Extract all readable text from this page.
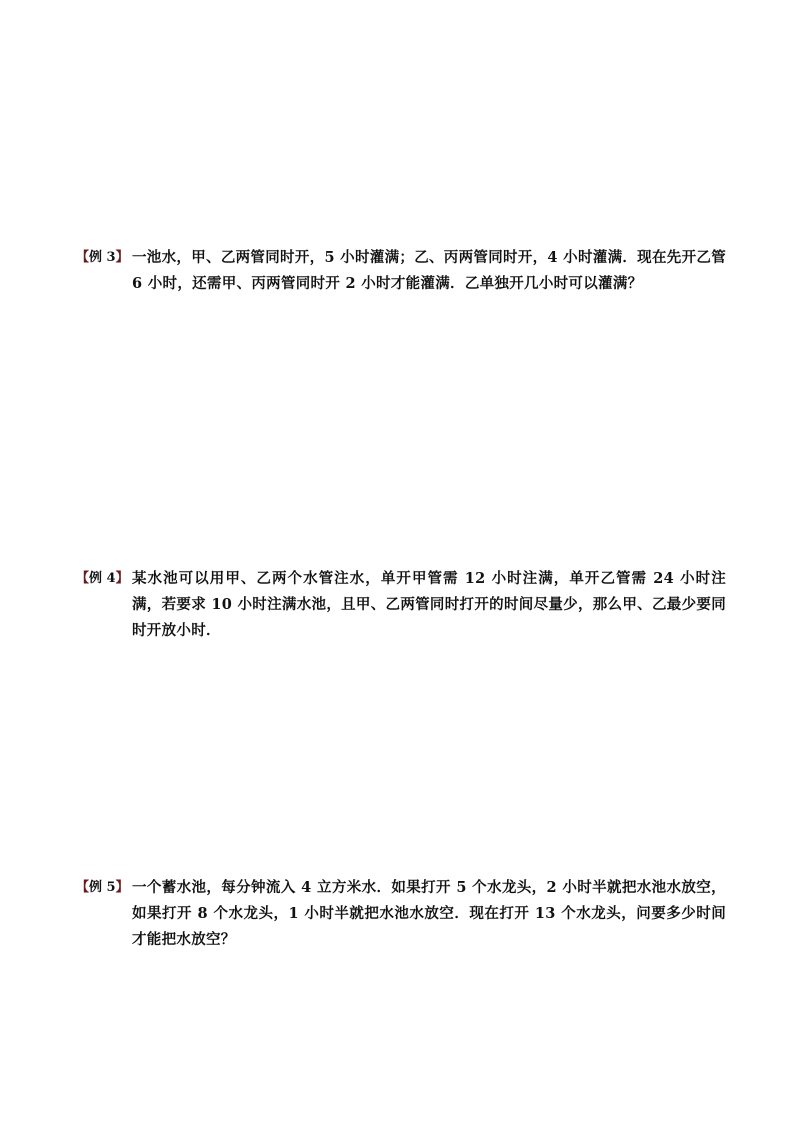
【例 3】 一池水，甲、乙两管同时开，5 小时灌满；乙、丙两管同时开，4 小时灌满．现在先开乙管 6 小时，还需甲、丙两管同时开 2 小时才能灌满．乙单独开几小时可以灌满？
【例 4】 某水池可以用甲、乙两个水管注水，单开甲管需 12 小时注满，单开乙管需 24 小时注满，若要求 10 小时注满水池，且甲、乙两管同时打开的时间尽量少，那么甲、乙最少要同时开放小时．
【例 5】 一个蓄水池，每分钟流入 4 立方米水．如果打开 5 个水龙头，2 小时半就把水池水放空，如果打开 8 个水龙头，1 小时半就把水池水放空．现在打开 13 个水龙头，问要多少时间才能把水放空？
